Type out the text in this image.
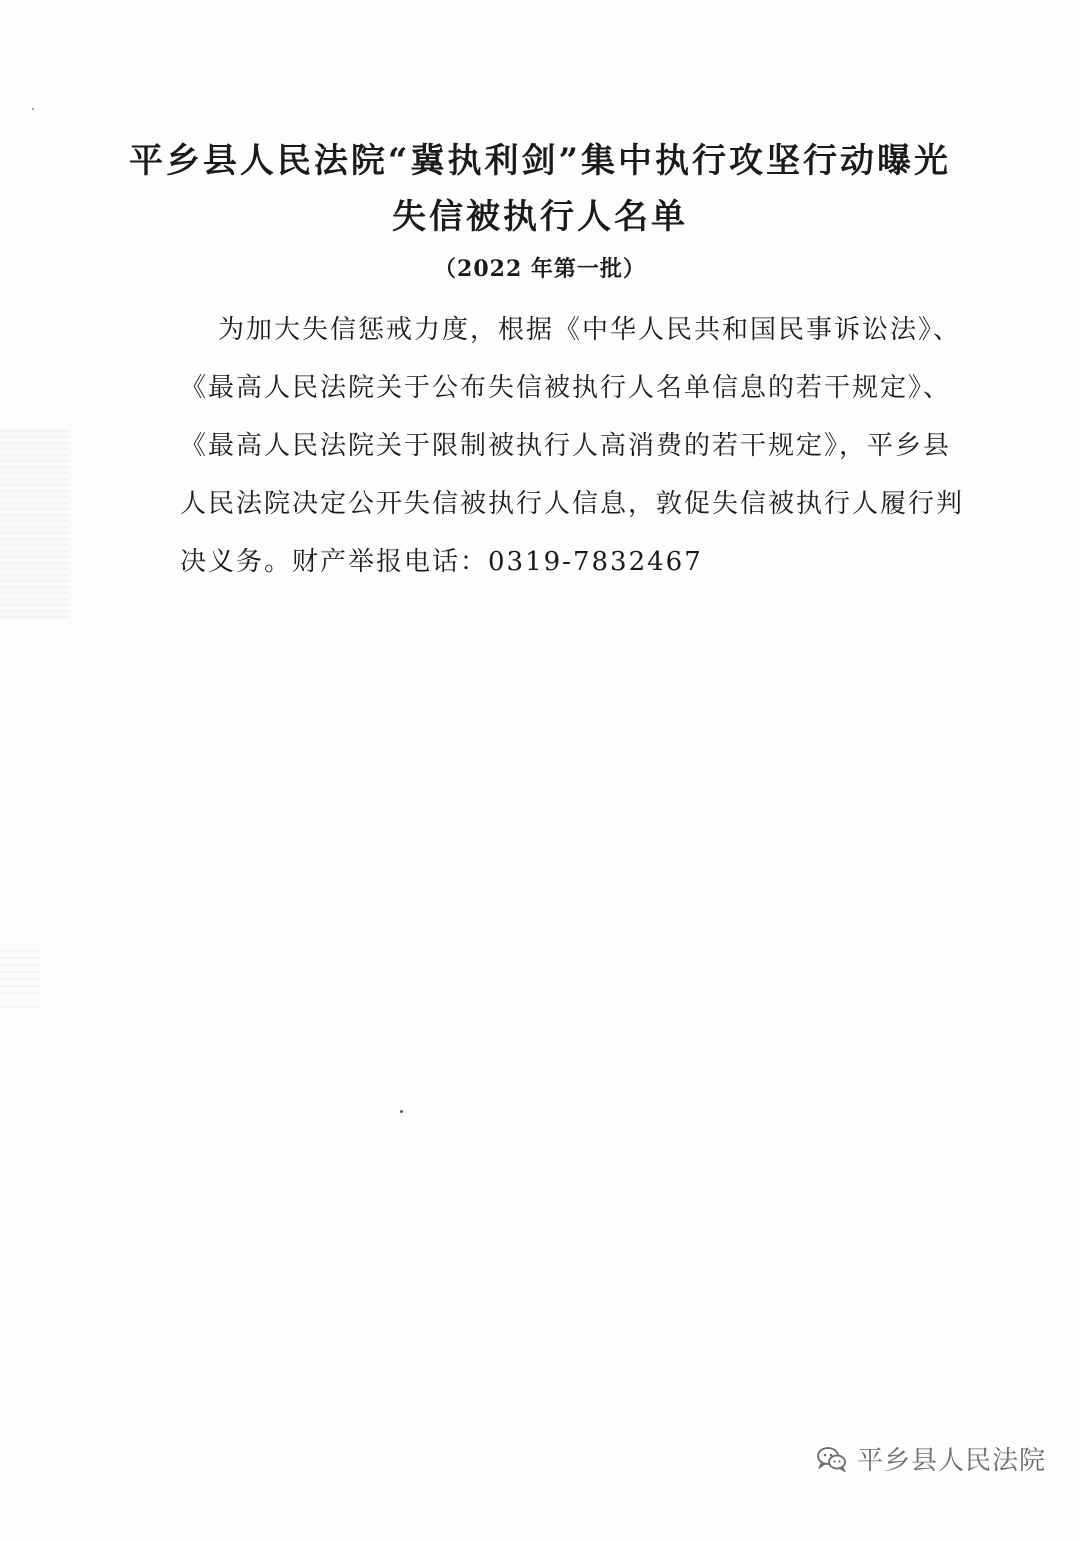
平乡县人民法院“冀执利剑”集中执行攻坚行动曝光
失信被执行人名单
（2022 年第一批）
为加大失信惩戒力度，根据《中华人民共和国民事诉讼法》、
《最高人民法院关于公布失信被执行人名单信息的若干规定》、
《最高人民法院关于限制被执行人高消费的若干规定》，平乡县
人民法院决定公开失信被执行人信息，敦促失信被执行人履行判
决义务。财产举报电话：0319-7832467
平乡县人民法院
